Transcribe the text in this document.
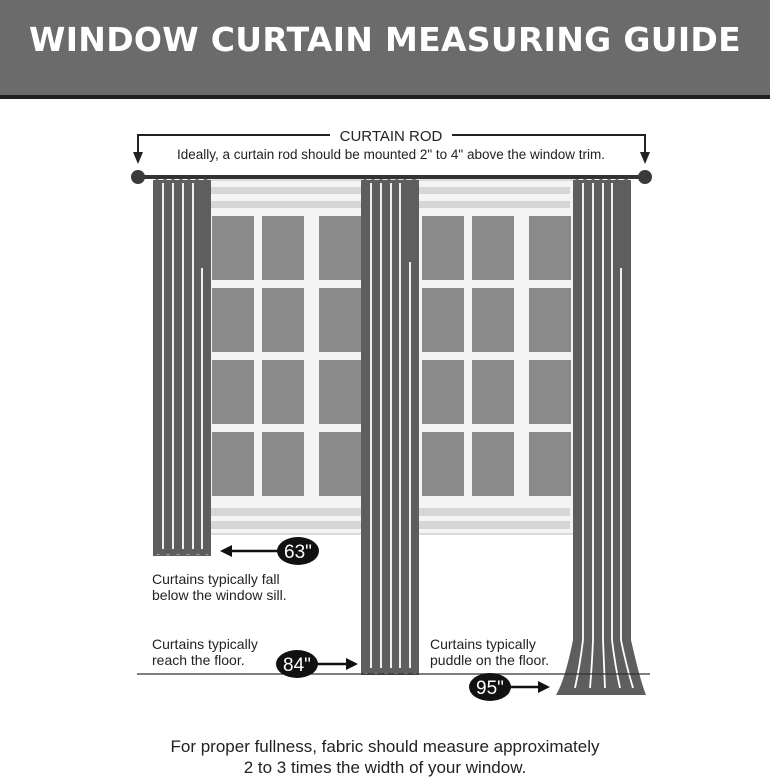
WINDOW CURTAIN MEASURING GUIDE
CURTAIN ROD
Ideally, a curtain rod should be mounted 2" to 4" above the window trim.
63"
84"
95"
Curtains typically fall
below the window sill.
Curtains typically
reach the floor.
Curtains typically
puddle on the floor.
For proper fullness, fabric should measure approximately
2 to 3 times the width of your window.
